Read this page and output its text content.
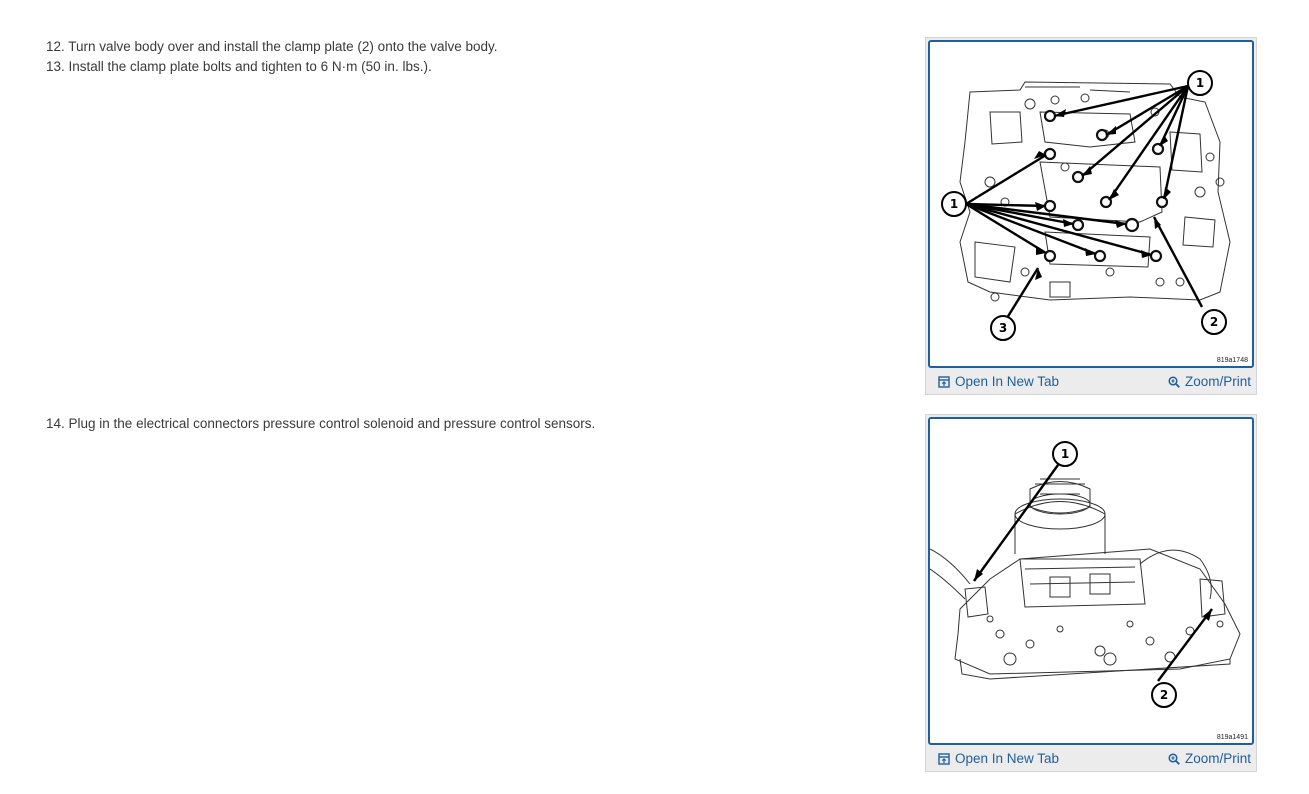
12. Turn valve body over and install the clamp plate (2) onto the valve body.

13. Install the clamp plate bolts and tighten to 6 N·m (50 in. lbs.).

1
1
2
3
819a1748
Open In New Tab	Zoom/Print

14. Plug in the electrical connectors pressure control solenoid and pressure control sensors.

1
2
819a1491
Open In New Tab	Zoom/Print
